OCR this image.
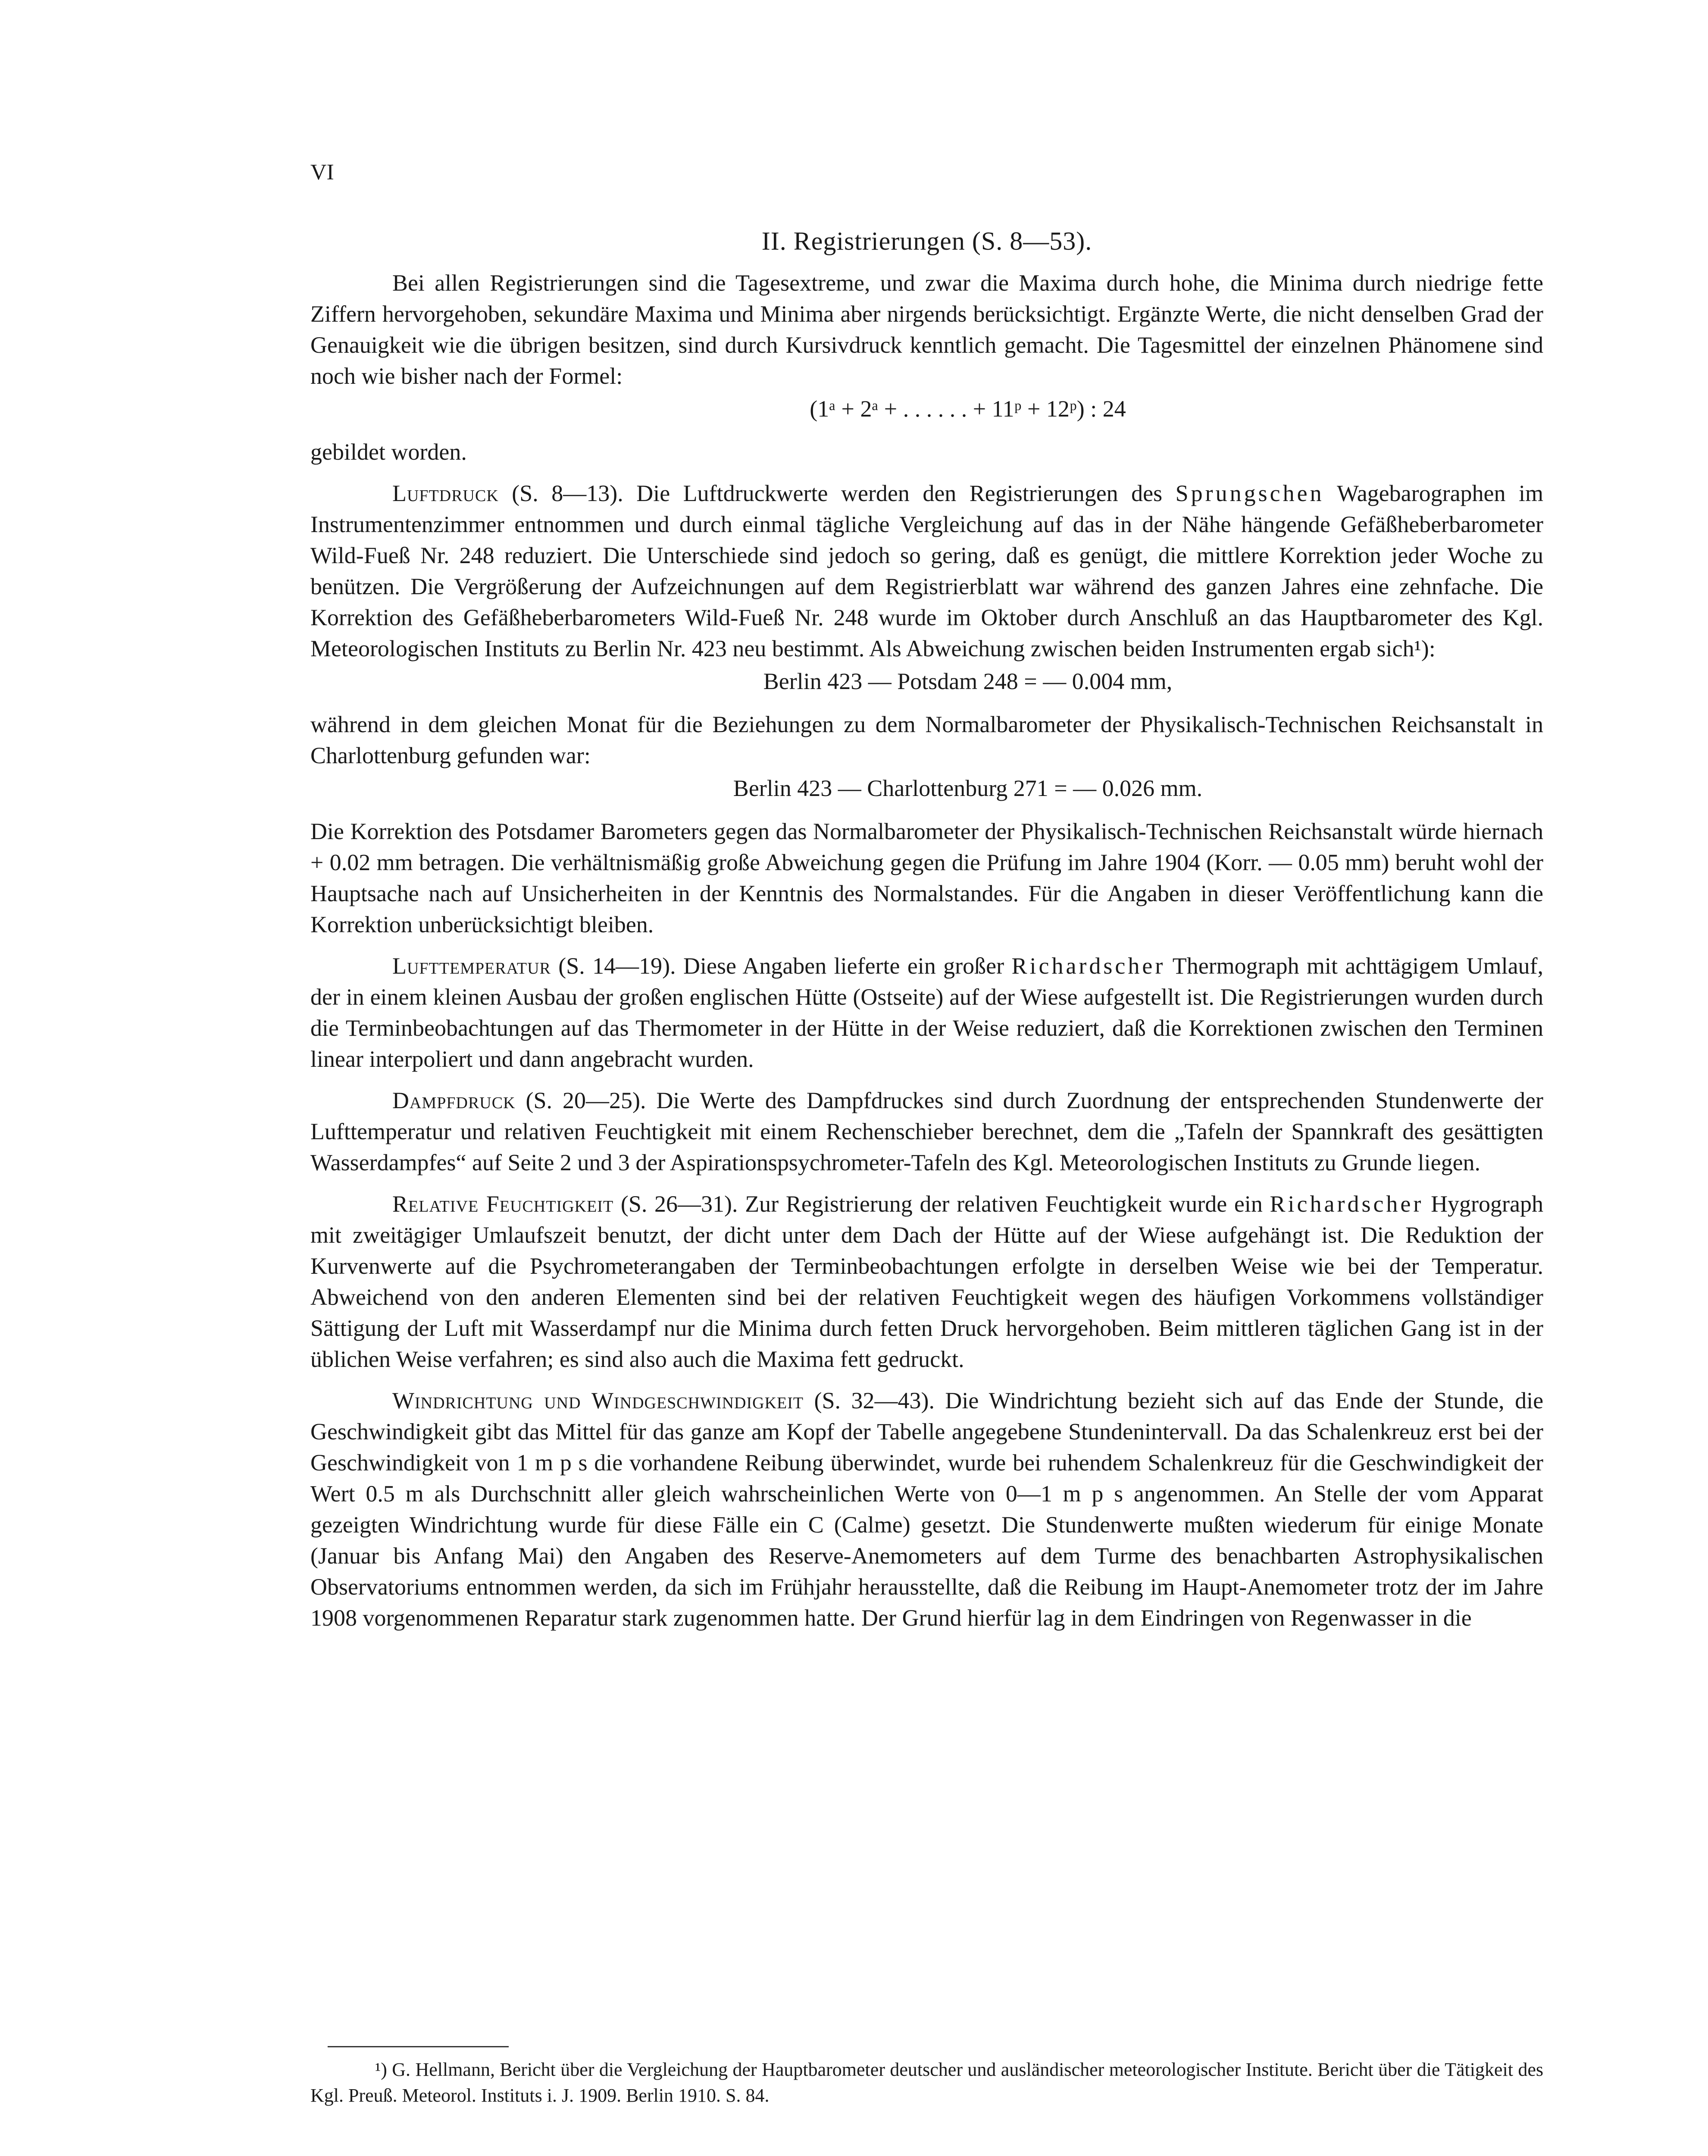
VI
II. Registrierungen (S. 8—53).

Bei allen Registrierungen sind die Tagesextreme, und zwar die Maxima durch hohe, die Minima durch niedrige fette Ziffern hervorgehoben, sekundäre Maxima und Minima aber nirgends berücksichtigt. Ergänzte Werte, die nicht denselben Grad der Genauigkeit wie die übrigen besitzen, sind durch Kursivdruck kenntlich gemacht. Die Tagesmittel der einzelnen Phänomene sind noch wie bisher nach der Formel:

(1ᵃ + 2ᵃ + . . . . . . + 11ᵖ + 12ᵖ) : 24

gebildet worden.

Luftdruck (S. 8—13). Die Luftdruckwerte werden den Registrierungen des Sprungschen Wagebarographen im Instrumentenzimmer entnommen und durch einmal tägliche Vergleichung auf das in der Nähe hängende Gefäßheberbarometer Wild-Fueß Nr. 248 reduziert. Die Unterschiede sind jedoch so gering, daß es genügt, die mittlere Korrektion jeder Woche zu benützen. Die Vergrößerung der Aufzeichnungen auf dem Registrierblatt war während des ganzen Jahres eine zehnfache. Die Korrektion des Gefäßheberbarometers Wild-Fueß Nr. 248 wurde im Oktober durch Anschluß an das Hauptbarometer des Kgl. Meteorologischen Instituts zu Berlin Nr. 423 neu bestimmt. Als Abweichung zwischen beiden Instrumenten ergab sich¹):

Berlin 423 — Potsdam 248 = — 0.004 mm,

während in dem gleichen Monat für die Beziehungen zu dem Normalbarometer der Physikalisch-Technischen Reichsanstalt in Charlottenburg gefunden war:

Berlin 423 — Charlottenburg 271 = — 0.026 mm.

Die Korrektion des Potsdamer Barometers gegen das Normalbarometer der Physikalisch-Technischen Reichsanstalt würde hiernach + 0.02 mm betragen. Die verhältnismäßig große Abweichung gegen die Prüfung im Jahre 1904 (Korr. — 0.05 mm) beruht wohl der Hauptsache nach auf Unsicherheiten in der Kenntnis des Normalstandes. Für die Angaben in dieser Veröffentlichung kann die Korrektion unberücksichtigt bleiben.

Lufttemperatur (S. 14—19). Diese Angaben lieferte ein großer Richardscher Thermograph mit achttägigem Umlauf, der in einem kleinen Ausbau der großen englischen Hütte (Ostseite) auf der Wiese aufgestellt ist. Die Registrierungen wurden durch die Terminbeobachtungen auf das Thermometer in der Hütte in der Weise reduziert, daß die Korrektionen zwischen den Terminen linear interpoliert und dann angebracht wurden.

Dampfdruck (S. 20—25). Die Werte des Dampfdruckes sind durch Zuordnung der entsprechenden Stundenwerte der Lufttemperatur und relativen Feuchtigkeit mit einem Rechenschieber berechnet, dem die „Tafeln der Spannkraft des gesättigten Wasserdampfes“ auf Seite 2 und 3 der Aspirationspsychrometer-Tafeln des Kgl. Meteorologischen Instituts zu Grunde liegen.

Relative Feuchtigkeit (S. 26—31). Zur Registrierung der relativen Feuchtigkeit wurde ein Richardscher Hygrograph mit zweitägiger Umlaufszeit benutzt, der dicht unter dem Dach der Hütte auf der Wiese aufgehängt ist. Die Reduktion der Kurvenwerte auf die Psychrometerangaben der Terminbeobachtungen erfolgte in derselben Weise wie bei der Temperatur. Abweichend von den anderen Elementen sind bei der relativen Feuchtigkeit wegen des häufigen Vorkommens vollständiger Sättigung der Luft mit Wasserdampf nur die Minima durch fetten Druck hervorgehoben. Beim mittleren täglichen Gang ist in der üblichen Weise verfahren; es sind also auch die Maxima fett gedruckt.

Windrichtung und Windgeschwindigkeit (S. 32—43). Die Windrichtung bezieht sich auf das Ende der Stunde, die Geschwindigkeit gibt das Mittel für das ganze am Kopf der Tabelle angegebene Stundenintervall. Da das Schalenkreuz erst bei der Geschwindigkeit von 1 m p s die vorhandene Reibung überwindet, wurde bei ruhendem Schalenkreuz für die Geschwindigkeit der Wert 0.5 m als Durchschnitt aller gleich wahrscheinlichen Werte von 0—1 m p s angenommen. An Stelle der vom Apparat gezeigten Windrichtung wurde für diese Fälle ein C (Calme) gesetzt. Die Stundenwerte mußten wiederum für einige Monate (Januar bis Anfang Mai) den Angaben des Reserve-Anemometers auf dem Turme des benachbarten Astrophysikalischen Observatoriums entnommen werden, da sich im Frühjahr herausstellte, daß die Reibung im Haupt-Anemometer trotz der im Jahre 1908 vorgenommenen Reparatur stark zugenommen hatte. Der Grund hierfür lag in dem Eindringen von Regenwasser in die

¹) G. Hellmann, Bericht über die Vergleichung der Hauptbarometer deutscher und ausländischer meteorologischer Institute. Bericht über die Tätigkeit des Kgl. Preuß. Meteorol. Instituts i. J. 1909. Berlin 1910. S. 84.
